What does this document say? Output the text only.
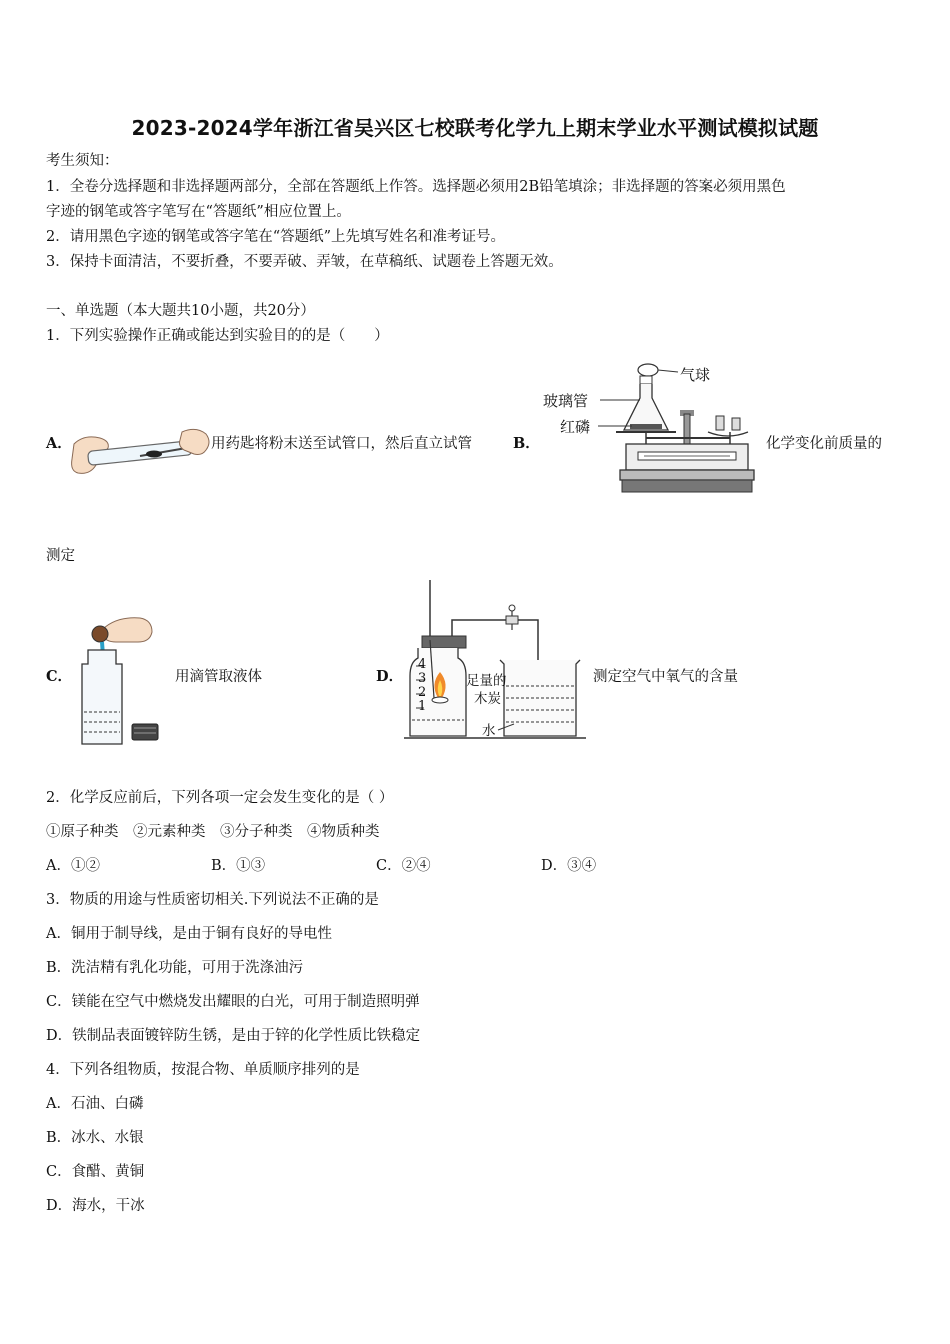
2023-2024学年浙江省吴兴区七校联考化学九上期末学业水平测试模拟试题
考生须知：
1．全卷分选择题和非选择题两部分，全部在答题纸上作答。选择题必须用2B铅笔填涂；非选择题的答案必须用黑色
字迹的钢笔或答字笔写在“答题纸”相应位置上。
2．请用黑色字迹的钢笔或答字笔在“答题纸”上先填写姓名和准考证号。
3．保持卡面清洁，不要折叠，不要弄破、弄皱，在草稿纸、试题卷上答题无效。
一、单选题（本大题共10小题，共20分）
1．下列实验操作正确或能达到实验目的的是（　　）
A．	用药匙将粉末送至试管口，然后直立试管	B．
气球
玻璃管
红磷
化学变化前质量的
测定
C．	用滴管取液体	D．
4
3
2
1
足量的
木炭
水
测定空气中氧气的含量
2．化学反应前后，下列各项一定会发生变化的是（ ）
①原子种类　②元素种类　③分子种类　④物质种类
A．①②	B．①③	C．②④	D．③④
3．物质的用途与性质密切相关.下列说法不正确的是
A．铜用于制导线，是由于铜有良好的导电性
B．洗洁精有乳化功能，可用于洗涤油污
C．镁能在空气中燃烧发出耀眼的白光，可用于制造照明弹
D．铁制品表面镀锌防生锈，是由于锌的化学性质比铁稳定
4．下列各组物质，按混合物、单质顺序排列的是
A．石油、白磷
B．冰水、水银
C．食醋、黄铜
D．海水，干冰
